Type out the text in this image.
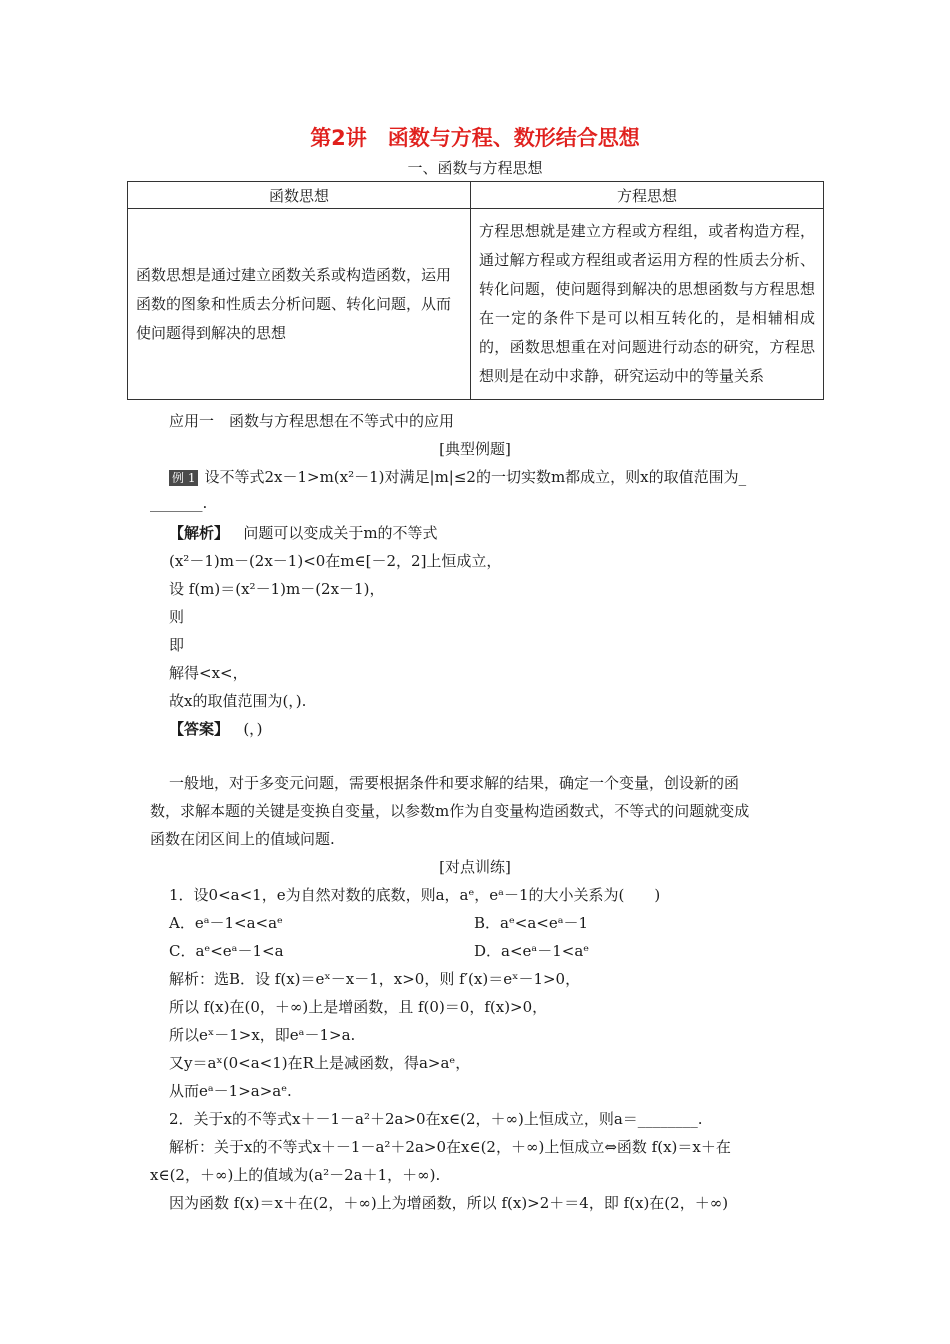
第2讲　函数与方程、数形结合思想
一、函数与方程思想
函数思想	方程思想
函数思想是通过建立函数关系或构造函数，运用函数的图象和性质去分析问题、转化问题，从而使问题得到解决的思想	方程思想就是建立方程或方程组，或者构造方程，通过解方程或方程组或者运用方程的性质去分析、转化问题，使问题得到解决的思想函数与方程思想在一定的条件下是可以相互转化的，是相辅相成的，函数思想重在对问题进行动态的研究，方程思想则是在动中求静，研究运动中的等量关系
应用一　函数与方程思想在不等式中的应用
[典型例题]
例 1 设不等式2x－1>m(x²－1)对满足|m|≤2的一切实数m都成立，则x的取值范围为_
_______.
【解析】 问题可以变成关于m的不等式
(x²－1)m－(2x－1)<0在m∈[－2，2]上恒成立，
设 f(m)＝(x²－1)m－(2x－1)，
则
即
解得<x<，
故x的取值范围为(，).
【答案】 (，)
一般地，对于多变元问题，需要根据条件和要求解的结果，确定一个变量，创设新的函
数，求解本题的关键是变换自变量，以参数m作为自变量构造函数式，不等式的问题就变成
函数在闭区间上的值域问题.
[对点训练]
1．设0<a<1，e为自然对数的底数，则a，aᵉ，eᵃ－1的大小关系为(　　)
A．eᵃ－1<a<aᵉ	B．aᵉ<a<eᵃ－1
C．aᵉ<eᵃ－1<a	D．a<eᵃ－1<aᵉ
解析：选B．设 f(x)＝eˣ－x－1，x>0，则 f′(x)＝eˣ－1>0，
所以 f(x)在(0，＋∞)上是增函数，且 f(0)＝0，f(x)>0，
所以eˣ－1>x，即eᵃ－1>a.
又y＝aˣ(0<a<1)在R上是减函数，得a>aᵉ，
从而eᵃ－1>a>aᵉ.
2．关于x的不等式x＋－1－a²＋2a>0在x∈(2，＋∞)上恒成立，则a＝________.
解析：关于x的不等式x＋－1－a²＋2a>0在x∈(2，＋∞)上恒成立⇔函数 f(x)＝x＋在
x∈(2，＋∞)上的值域为(a²－2a＋1，＋∞).
因为函数 f(x)＝x＋在(2，＋∞)上为增函数，所以 f(x)>2＋＝4，即 f(x)在(2，＋∞)
